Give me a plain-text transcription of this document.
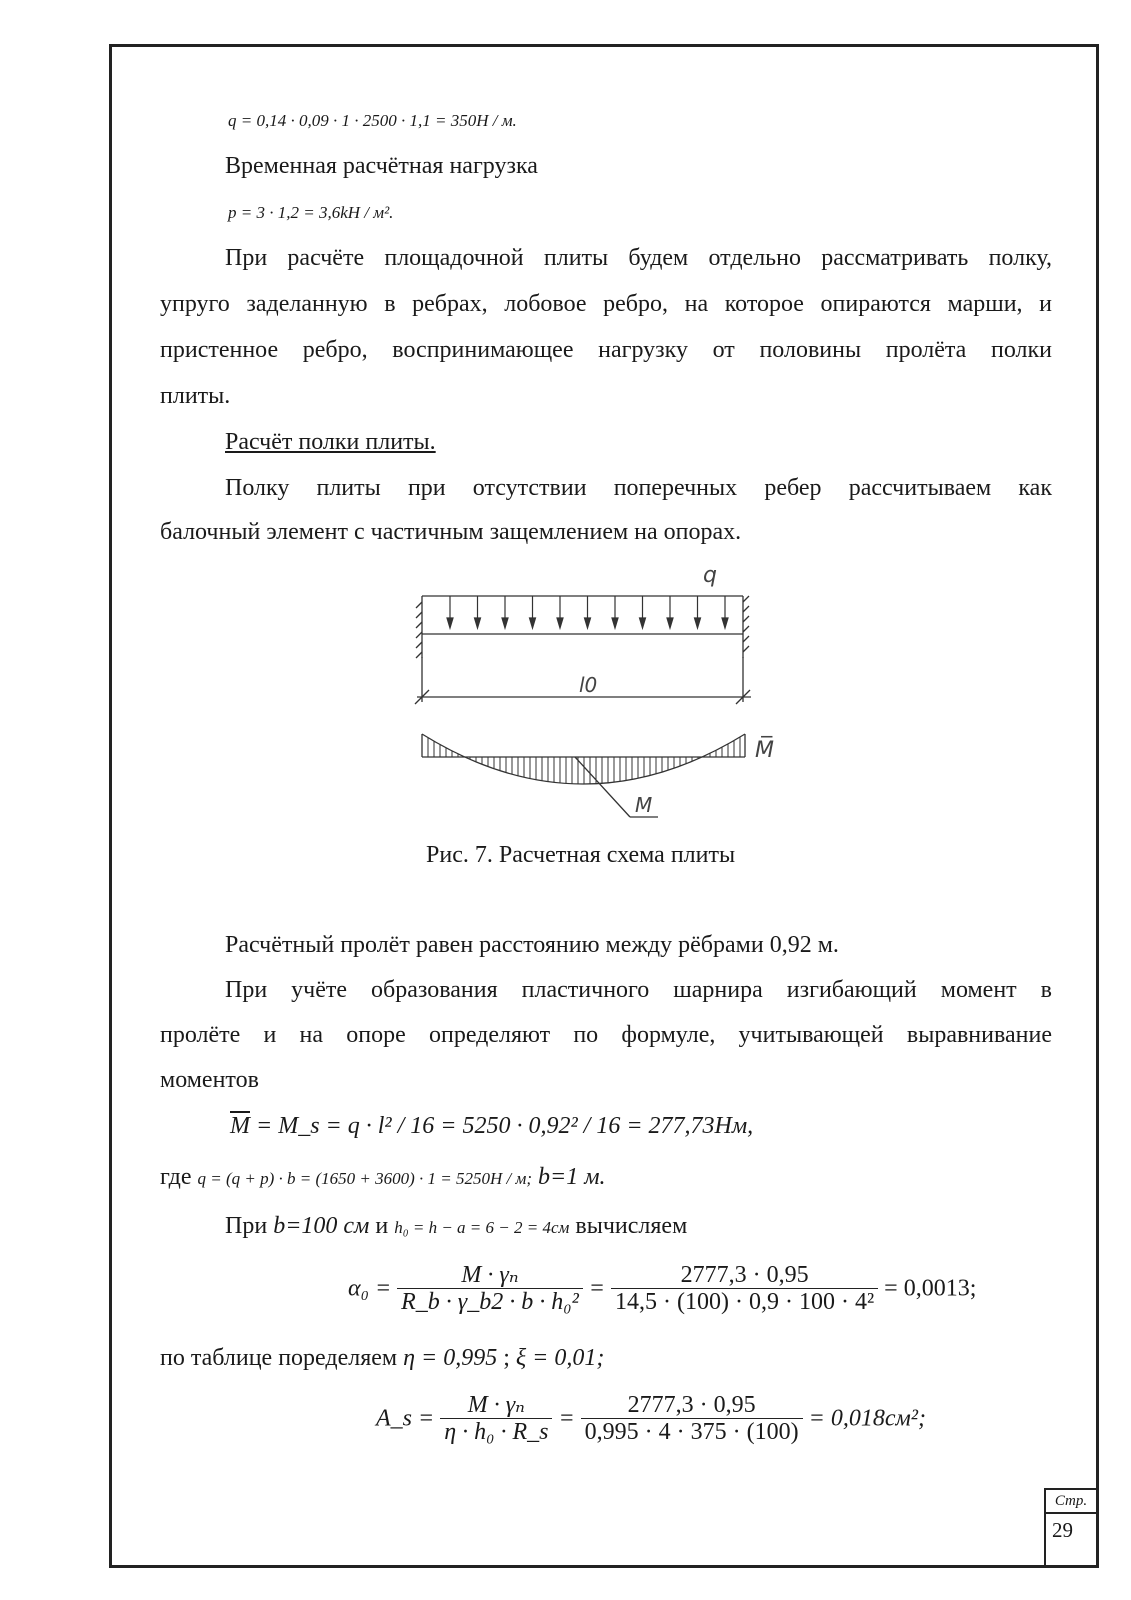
q = 0,14 · 0,09 · 1 · 2500 · 1,1 = 350H / м.
Временная расчётная нагрузка
p = 3 · 1,2 = 3,6kH / м².
При расчёте площадочной плиты будем отдельно рассматривать полку,
упруго заделанную в ребрах, лобовое ребро, на которое опираются марши, и
пристенное ребро, воспринимающее нагрузку от половины пролёта полки
плиты.
Расчёт полки плиты.
Полку плиты при отсутствии поперечных ребер рассчитываем как
балочный элемент с частичным защемлением на опорах.
q
l0
M̅
M
Рис. 7. Расчетная схема плиты
Расчётный пролёт равен расстоянию между рёбрами 0,92 м.
При учёте образования пластичного шарнира изгибающий момент в
пролёте и на опоре определяют по формуле, учитывающей выравнивание
моментов
$\overline{M}$ = M_s = q · l² / 16 = 5250 · 0,92² / 16 = 277,73Нм,
где q = (q + p) · b = (1650 + 3600) · 1 = 5250H / м; b=1 м.
При b=100 см и h₀ = h − a = 6 − 2 = 4см вычисляем
$\alpha_0 = \frac{\text{M · γₙ}}{\text{R\_b · γ\_b2 · b · h₀²}} = \frac{2777,3 \cdot 0,95}{\text{14,5 · (100) · 0,9 · 100 · 4²}} = 0,0013$;
по таблице поределяем η = 0,995 ; ξ = 0,01;
A_s = $\frac{\text{M · γₙ}}{\text{η · h₀ · R\_s}} = \frac{2777,3 \cdot 0,95}{0,995 \cdot 4 \cdot 375 \cdot (100)} = 0,018см^2$;
Стр.
29
